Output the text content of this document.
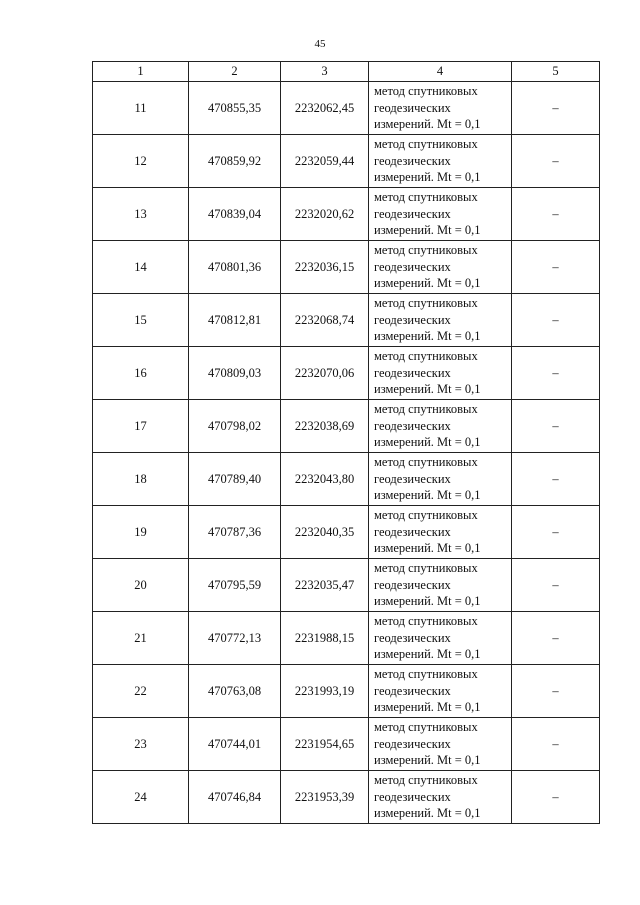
45
1	2	3	4	5
11	470855,35	2232062,45	метод спутниковых
геодезических
измерений. Mt = 0,1	–
12	470859,92	2232059,44	метод спутниковых
геодезических
измерений. Mt = 0,1	–
13	470839,04	2232020,62	метод спутниковых
геодезических
измерений. Mt = 0,1	–
14	470801,36	2232036,15	метод спутниковых
геодезических
измерений. Mt = 0,1	–
15	470812,81	2232068,74	метод спутниковых
геодезических
измерений. Mt = 0,1	–
16	470809,03	2232070,06	метод спутниковых
геодезических
измерений. Mt = 0,1	–
17	470798,02	2232038,69	метод спутниковых
геодезических
измерений. Mt = 0,1	–
18	470789,40	2232043,80	метод спутниковых
геодезических
измерений. Mt = 0,1	–
19	470787,36	2232040,35	метод спутниковых
геодезических
измерений. Mt = 0,1	–
20	470795,59	2232035,47	метод спутниковых
геодезических
измерений. Mt = 0,1	–
21	470772,13	2231988,15	метод спутниковых
геодезических
измерений. Mt = 0,1	–
22	470763,08	2231993,19	метод спутниковых
геодезических
измерений. Mt = 0,1	–
23	470744,01	2231954,65	метод спутниковых
геодезических
измерений. Mt = 0,1	–
24	470746,84	2231953,39	метод спутниковых
геодезических
измерений. Mt = 0,1	–
